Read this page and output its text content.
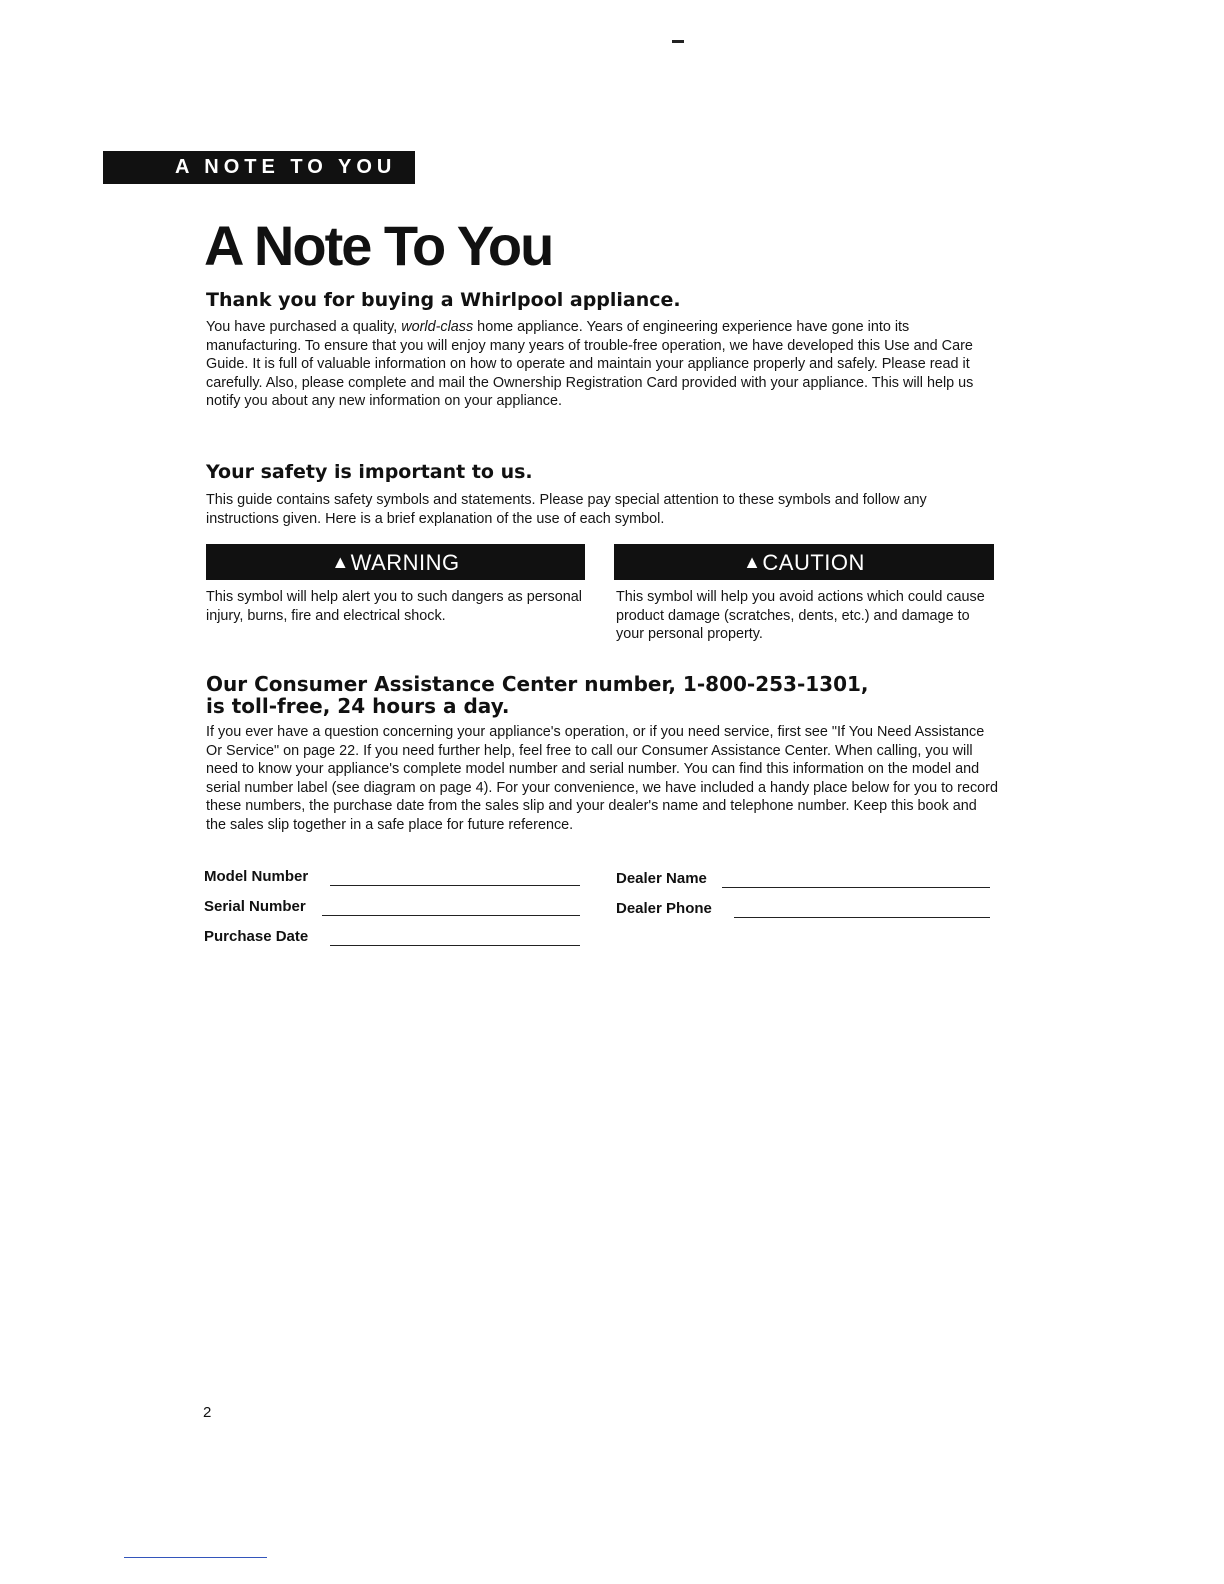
A NOTE TO YOU
A Note To You
Thank you for buying a Whirlpool appliance.

You have purchased a quality, world-class home appliance. Years of engineering experience have gone into its manufacturing. To ensure that you will enjoy many years of trouble-free operation, we have developed this Use and Care Guide. It is full of valuable information on how to operate and maintain your appliance properly and safely. Please read it carefully. Also, please complete and mail the Ownership Registration Card provided with your appliance. This will help us notify you about any new information on your appliance.

Your safety is important to us.

This guide contains safety symbols and statements. Please pay special attention to these symbols and follow any instructions given. Here is a brief explanation of the use of each symbol.

▲WARNING	▲CAUTION

This symbol will help alert you to such dangers as personal injury, burns, fire and electrical shock.

This symbol will help you avoid actions which could cause product damage (scratches, dents, etc.) and damage to your personal property.

Our Consumer Assistance Center number, 1-800-253-1301,
is toll-free, 24 hours a day.

If you ever have a question concerning your appliance's operation, or if you need service, first see "If You Need Assistance Or Service" on page 22. If you need further help, feel free to call our Consumer Assistance Center. When calling, you will need to know your appliance's complete model number and serial number. You can find this information on the model and serial number label (see diagram on page 4). For your convenience, we have included a handy place below for you to record these numbers, the purchase date from the sales slip and your dealer's name and telephone number. Keep this book and the sales slip together in a safe place for future reference.

Model Number
Serial Number
Purchase Date
Dealer Name
Dealer Phone
2
